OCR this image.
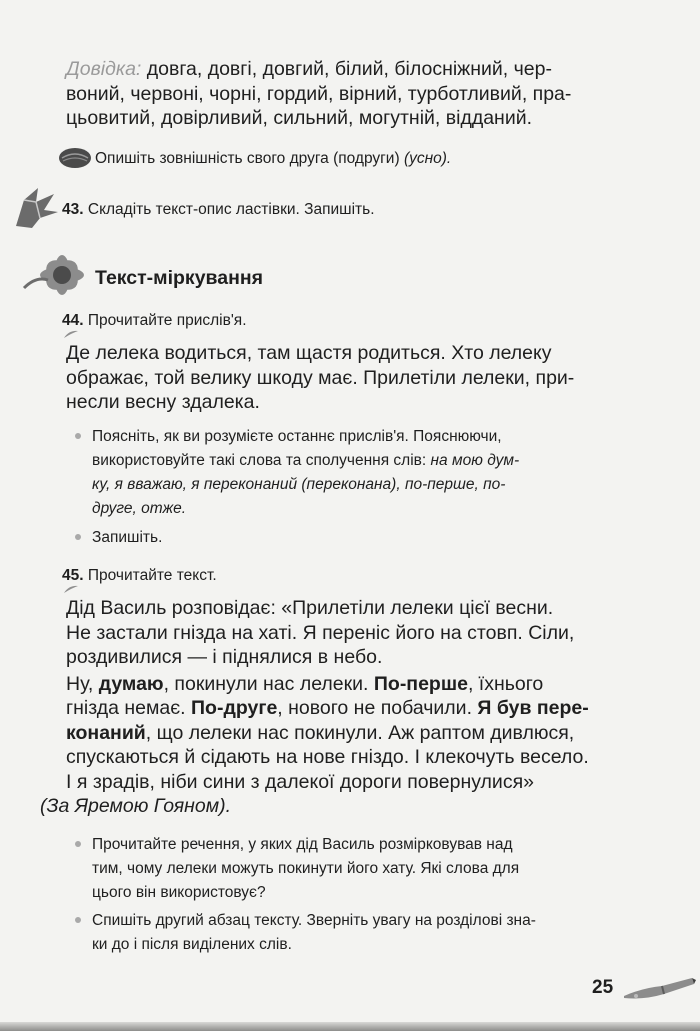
Довідка: довга, довгі, довгий, білий, білосніжний, чер-
воний, червоні, чорні, гордий, вірний, турботливий, пра-
цьовитий, довірливий, сильний, могутній, відданий.
Опишіть зовнішність свого друга (подруги) (усно).
43. Складіть текст-опис ластівки. Запишіть.
Текст-міркування
44. Прочитайте прислів'я.
Де лелека водиться, там щастя родиться. Хто лелеку
ображає, той велику шкоду має. Прилетіли лелеки, при-
несли весну здалека.
Поясніть, як ви розумієте останнє прислів'я. Пояснюючи,
використовуйте такі слова та сполучення слів: на мою дум-
ку, я вважаю, я переконаний (переконана), по-перше, по-
друге, отже.
Запишіть.
45. Прочитайте текст.
Дід Василь розповідає: «Прилетіли лелеки цієї весни.
Не застали гнізда на хаті. Я переніс його на стовп. Сіли,
роздивилися — і піднялися в небо.
Ну, думаю, покинули нас лелеки. По-перше, їхнього
гнізда немає. По-друге, нового не побачили. Я був пере-
конаний, що лелеки нас покинули. Аж раптом дивлюся,
спускаються й сідають на нове гніздо. І клекочуть весело.
І я зрадів, ніби сини з далекої дороги повернулися»
(За Яремою Гояном).
Прочитайте речення, у яких дід Василь розмірковував над
тим, чому лелеки можуть покинути його хату. Які слова для
цього він використовує?
Спишіть другий абзац тексту. Зверніть увагу на розділові зна-
ки до і після виділених слів.
25
